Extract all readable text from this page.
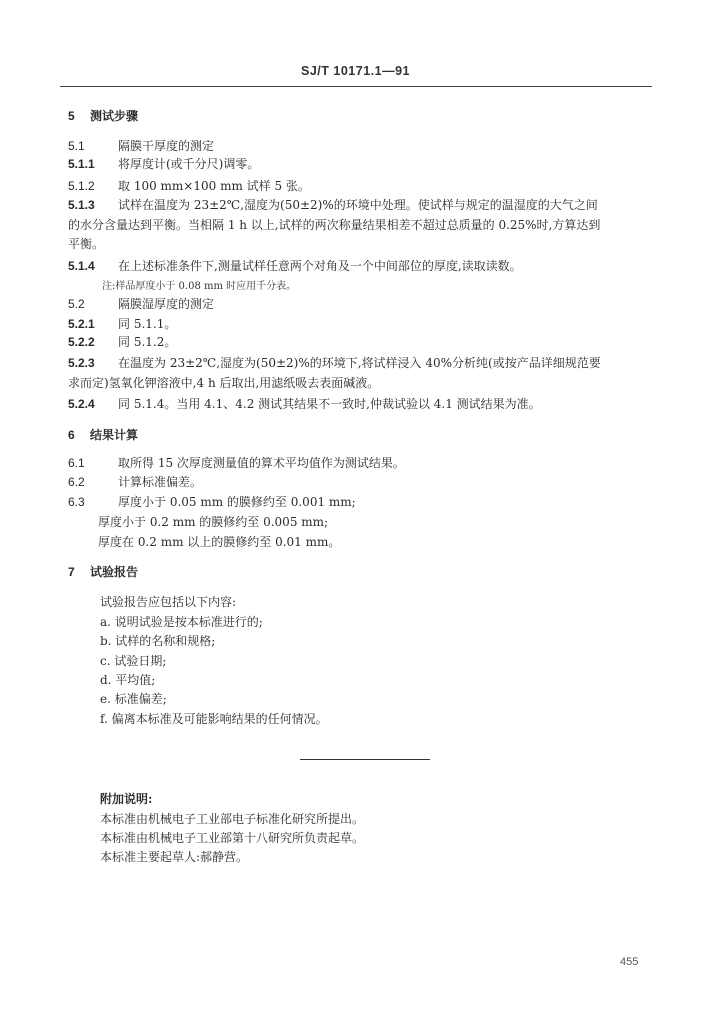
SJ/T 10171.1—91
5 测试步骤
5.1	隔膜干厚度的测定
5.1.1 将厚度计(或千分尺)调零。
5.1.2 取 100 mm×100 mm 试样 5 张。
5.1.3 试样在温度为 23±2℃,湿度为(50±2)%的环境中处理。使试样与规定的温湿度的大气之间
的水分含量达到平衡。当相隔 1 h 以上,试样的两次称量结果相差不超过总质量的 0.25%时,方算达到
平衡。
5.1.4 在上述标准条件下,测量试样任意两个对角及一个中间部位的厚度,读取读数。
注:样品厚度小于 0.08 mm 时应用千分表。
5.2	隔膜湿厚度的测定
5.2.1 同 5.1.1。
5.2.2 同 5.1.2。
5.2.3 在温度为 23±2℃,湿度为(50±2)%的环境下,将试样浸入 40%分析纯(或按产品详细规范要
求而定)氢氧化钾溶液中,4 h 后取出,用滤纸吸去表面碱液。
5.2.4 同 5.1.4。当用 4.1、4.2 测试其结果不一致时,仲裁试验以 4.1 测试结果为准。
6 结果计算
6.1	取所得 15 次厚度测量值的算术平均值作为测试结果。
6.2	计算标准偏差。
6.3	厚度小于 0.05 mm 的膜修约至 0.001 mm;
厚度小于 0.2 mm 的膜修约至 0.005 mm;
厚度在 0.2 mm 以上的膜修约至 0.01 mm。
7 试验报告
试验报告应包括以下内容:
a. 说明试验是按本标准进行的;
b. 试样的名称和规格;
c. 试验日期;
d. 平均值;
e. 标准偏差;
f. 偏离本标准及可能影响结果的任何情况。
附加说明:
本标准由机械电子工业部电子标准化研究所提出。
本标准由机械电子工业部第十八研究所负责起草。
本标准主要起草人:郝静营。
455
